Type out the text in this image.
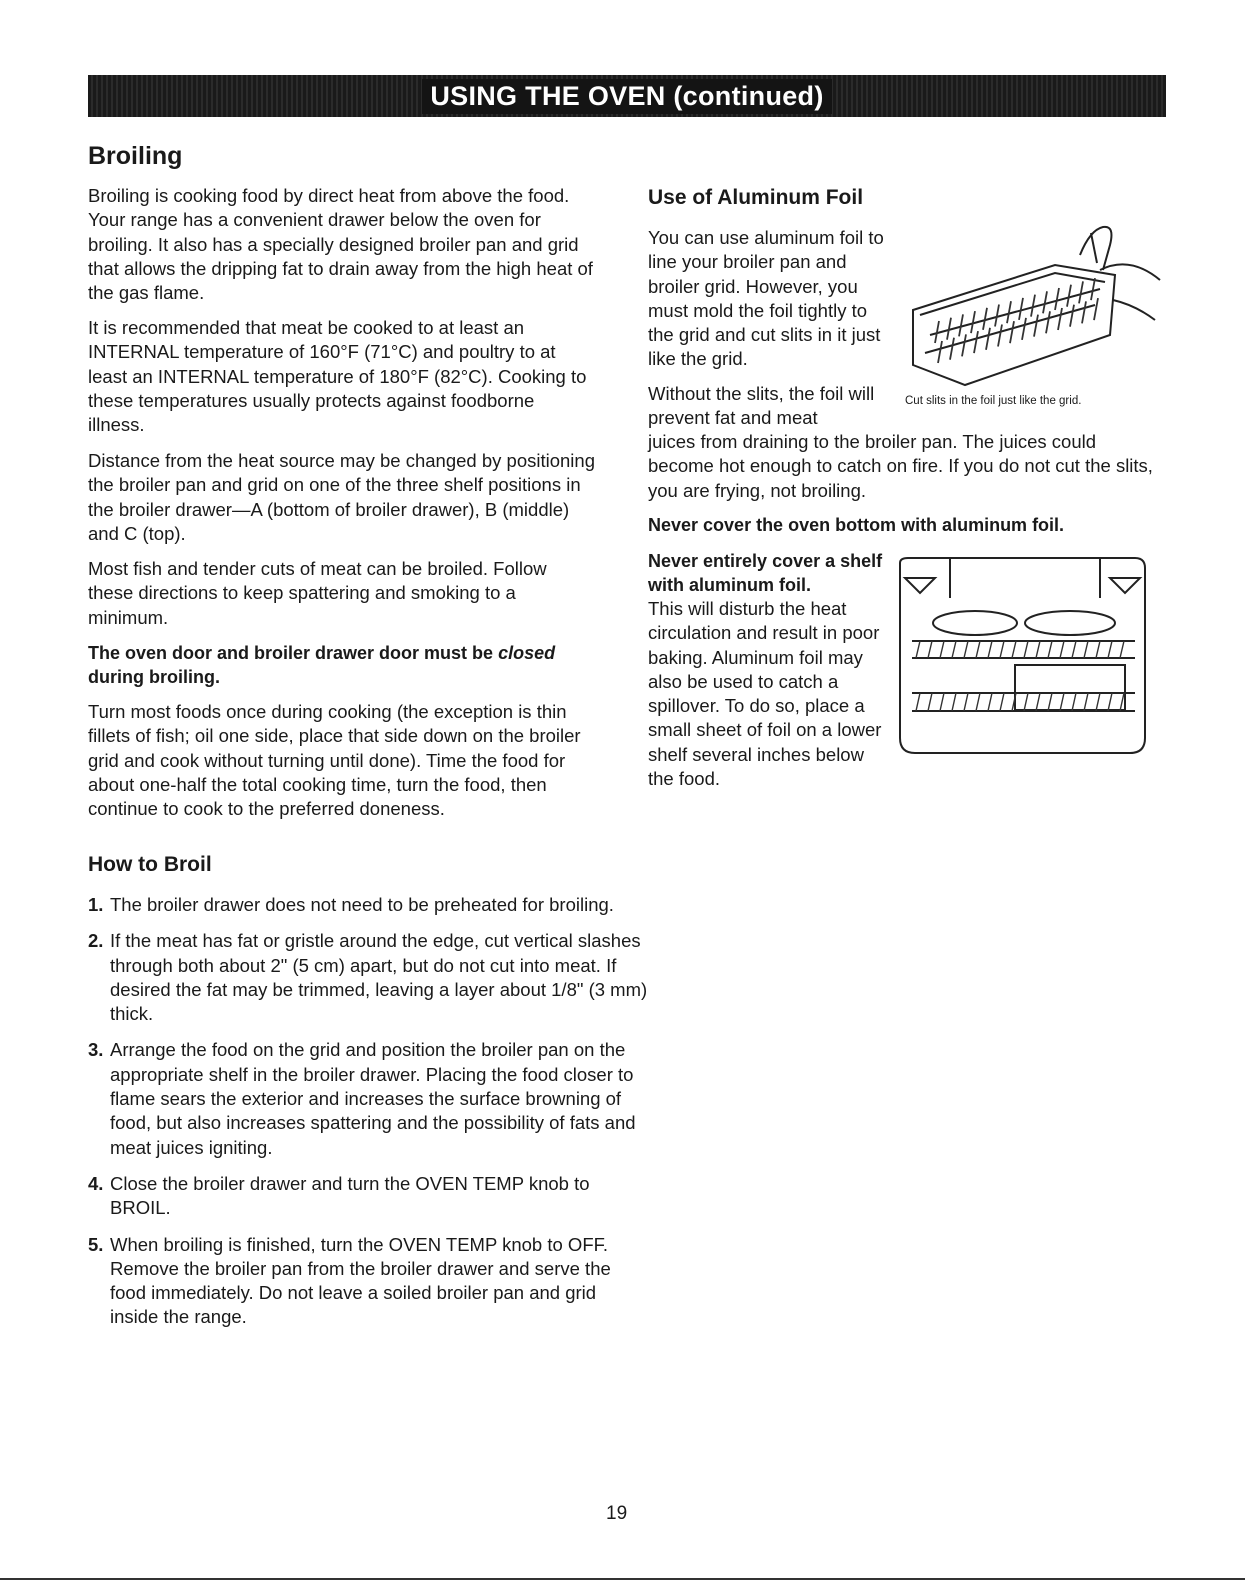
USING THE OVEN (continued)
Broiling

Broiling is cooking food by direct heat from above the food. Your range has a convenient drawer below the oven for broiling. It also has a specially designed broiler pan and grid that allows the dripping fat to drain away from the high heat of the gas flame.

It is recommended that meat be cooked to at least an INTERNAL temperature of 160°F (71°C) and poultry to at least an INTERNAL temperature of 180°F (82°C). Cooking to these temperatures usually protects against foodborne illness.

Distance from the heat source may be changed by positioning the broiler pan and grid on one of the three shelf positions in the broiler drawer—A (bottom of broiler drawer), B (middle) and C (top).

Most fish and tender cuts of meat can be broiled. Follow these directions to keep spattering and smoking to a minimum.

The oven door and broiler drawer door must be closed during broiling.

Turn most foods once during cooking (the exception is thin fillets of fish; oil one side, place that side down on the broiler grid and cook without turning until done). Time the food for about one-half the total cooking time, turn the food, then continue to cook to the preferred doneness.

How to Broil
1. The broiler drawer does not need to be preheated for broiling.
2. If the meat has fat or gristle around the edge, cut vertical slashes through both about 2" (5 cm) apart, but do not cut into meat. If desired the fat may be trimmed, leaving a layer about 1/8" (3 mm) thick.
3. Arrange the food on the grid and position the broiler pan on the appropriate shelf in the broiler drawer. Placing the food closer to flame sears the exterior and increases the surface browning of food, but also increases spattering and the possibility of fats and meat juices igniting.
4. Close the broiler drawer and turn the OVEN TEMP knob to BROIL.
5. When broiling is finished, turn the OVEN TEMP knob to OFF. Remove the broiler pan from the broiler drawer and serve the food immediately. Do not leave a soiled broiler pan and grid inside the range.
Use of Aluminum Foil

You can use aluminum foil to line your broiler pan and broiler grid. However, you must mold the foil tightly to the grid and cut slits in it just like the grid.

Without the slits, the foil will prevent fat and meat

Cut slits in the foil just like the grid.

juices from draining to the broiler pan. The juices could become hot enough to catch on fire. If you do not cut the slits, you are frying, not broiling.

Never cover the oven bottom with aluminum foil.

Never entirely cover a shelf with aluminum foil.

This will disturb the heat circulation and result in poor baking. Aluminum foil may also be used to catch a spillover. To do so, place a small sheet of foil on a lower shelf several inches below the food.

19
